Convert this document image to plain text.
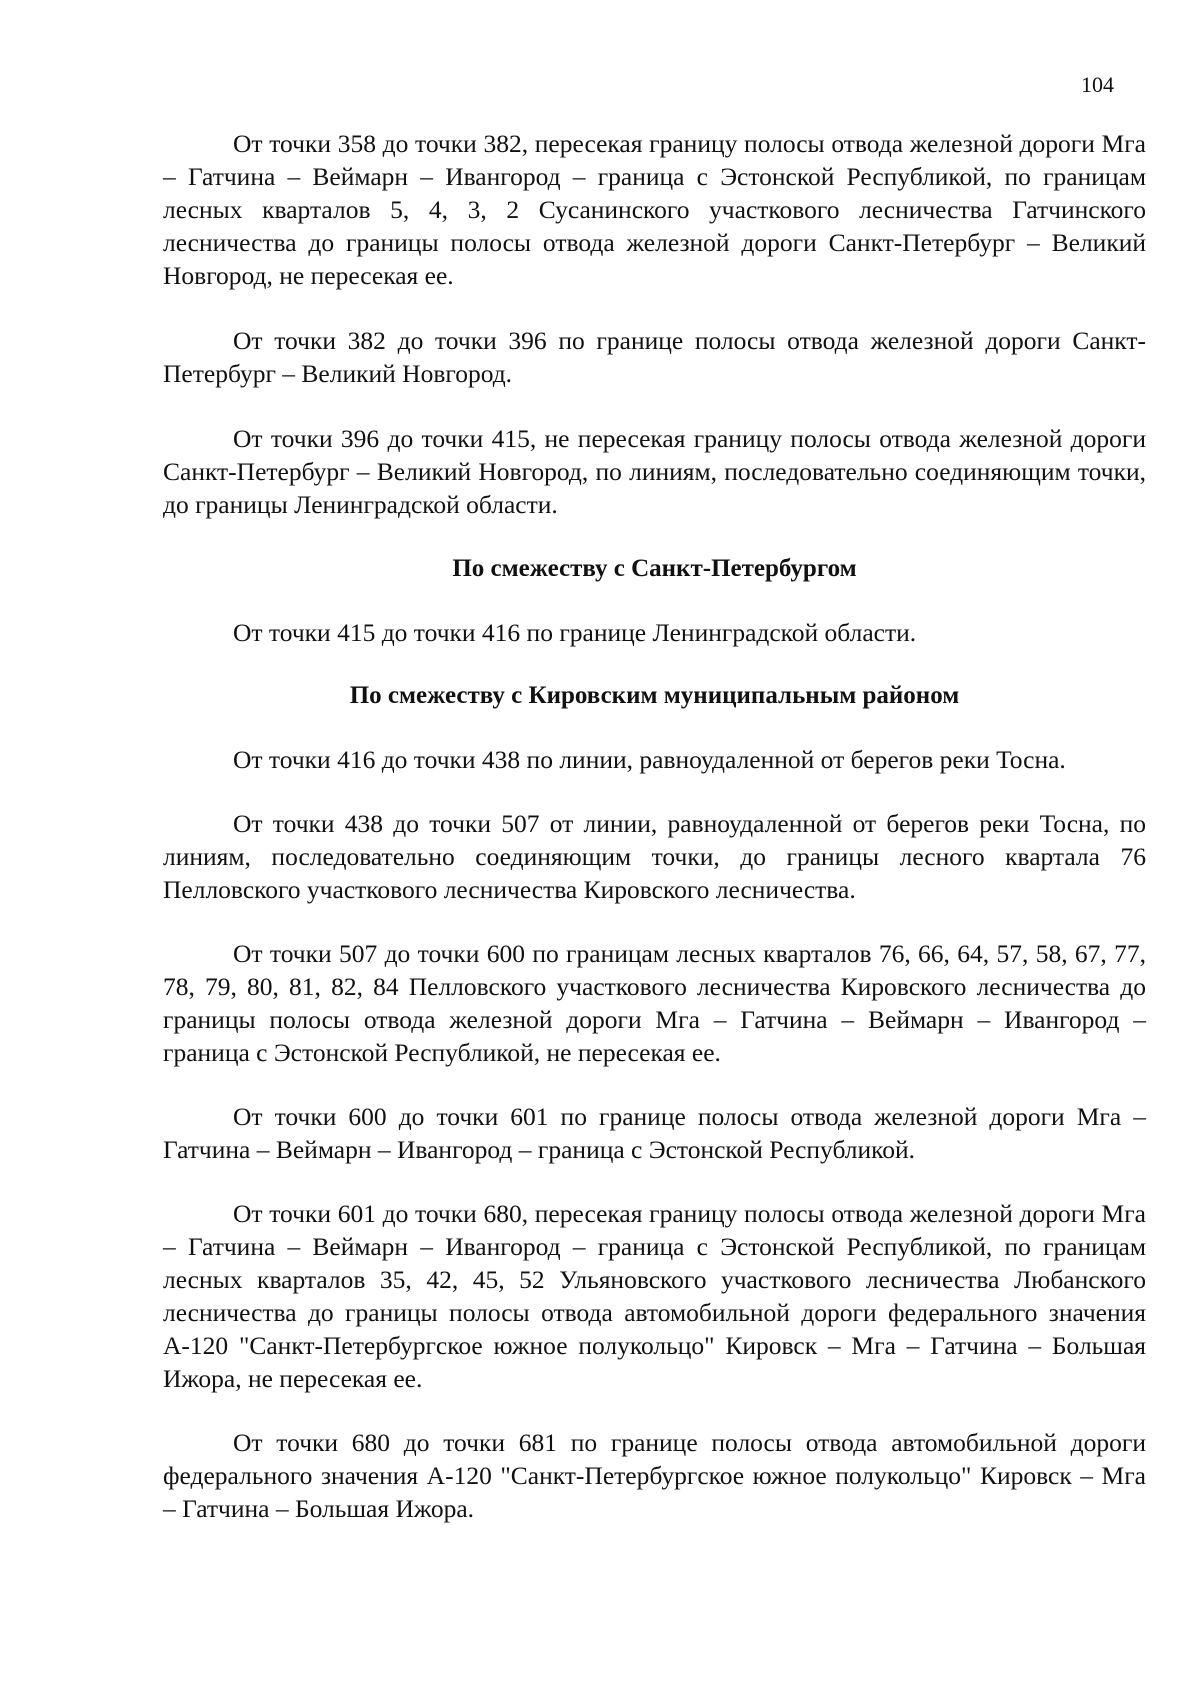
104

От точки 358 до точки 382, пересекая границу полосы отвода железной дороги Мга – Гатчина – Веймарн – Ивангород – граница с Эстонской Республикой, по границам лесных кварталов 5, 4, 3, 2 Сусанинского участкового лесничества Гатчинского лесничества до границы полосы отвода железной дороги Санкт-Петербург – Великий Новгород, не пересекая ее.

От точки 382 до точки 396 по границе полосы отвода железной дороги Санкт-Петербург – Великий Новгород.

От точки 396 до точки 415, не пересекая границу полосы отвода железной дороги Санкт-Петербург – Великий Новгород, по линиям, последовательно соединяющим точки, до границы Ленинградской области.

По смежеству с Санкт-Петербургом

От точки 415 до точки 416 по границе Ленинградской области.

По смежеству с Кировским муниципальным районом

От точки 416 до точки 438 по линии, равноудаленной от берегов реки Тосна.

От точки 438 до точки 507 от линии, равноудаленной от берегов реки Тосна, по линиям, последовательно соединяющим точки, до границы лесного квартала 76 Пелловского участкового лесничества Кировского лесничества.

От точки 507 до точки 600 по границам лесных кварталов 76, 66, 64, 57, 58, 67, 77, 78, 79, 80, 81, 82, 84 Пелловского участкового лесничества Кировского лесничества до границы полосы отвода железной дороги Мга – Гатчина – Веймарн – Ивангород – граница с Эстонской Республикой, не пересекая ее.

От точки 600 до точки 601 по границе полосы отвода железной дороги Мга – Гатчина – Веймарн – Ивангород – граница с Эстонской Республикой.

От точки 601 до точки 680, пересекая границу полосы отвода железной дороги Мга – Гатчина – Веймарн – Ивангород – граница с Эстонской Республикой, по границам лесных кварталов 35, 42, 45, 52 Ульяновского участкового лесничества Любанского лесничества до границы полосы отвода автомобильной дороги федерального значения А-120 "Санкт-Петербургское южное полукольцо" Кировск – Мга – Гатчина – Большая Ижора, не пересекая ее.

От точки 680 до точки 681 по границе полосы отвода автомобильной дороги федерального значения А-120 "Санкт-Петербургское южное полукольцо" Кировск – Мга – Гатчина – Большая Ижора.
